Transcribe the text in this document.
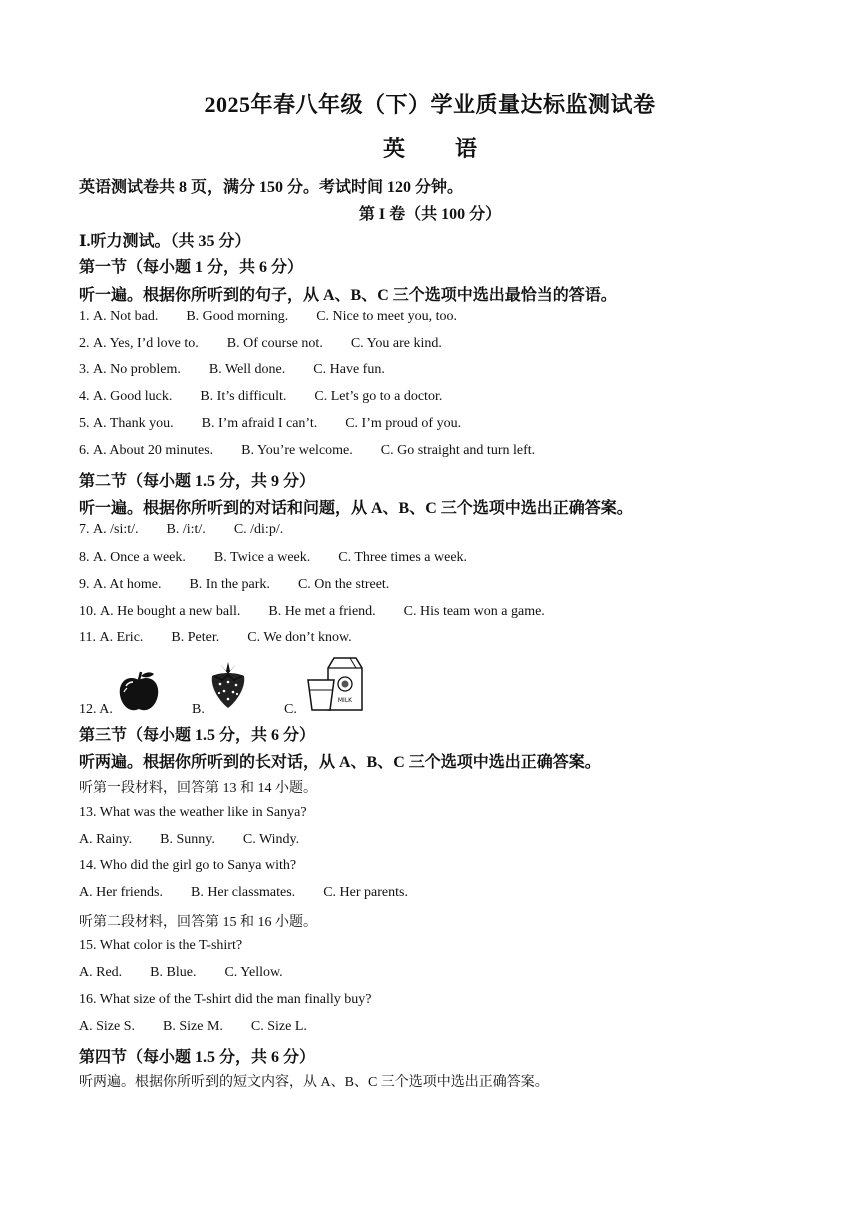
2025年春八年级（下）学业质量达标监测试卷
英　语
英语测试卷共 8 页，满分 150 分。考试时间 120 分钟。
第 I 卷（共 100 分）
Ⅰ.听力测试。（共 35 分）
第一节（每小题 1 分，共 6 分）
听一遍。根据你所听到的句子，从 A、B、C 三个选项中选出最恰当的答语。
1. A. Not bad. B. Good morning. C. Nice to meet you, too.
2. A. Yes, I’d love to. B. Of course not. C. You are kind.
3. A. No problem. B. Well done. C. Have fun.
4. A. Good luck. B. It’s difficult. C. Let’s go to a doctor.
5. A. Thank you. B. I’m afraid I can’t. C. I’m proud of you.
6. A. About 20 minutes. B. You’re welcome. C. Go straight and turn left.
第二节（每小题 1.5 分，共 9 分）
听一遍。根据你所听到的对话和问题，从 A、B、C 三个选项中选出正确答案。
7. A. /si:t/. B. /i:t/. C. /di:p/.
8. A. Once a week. B. Twice a week. C. Three times a week.
9. A. At home. B. In the park. C. On the street.
10. A. He bought a new ball. B. He met a friend. C. His team won a game.
11. A. Eric. B. Peter. C. We don’t know.
12. A.	B.	C.
MILK
第三节（每小题 1.5 分，共 6 分）
听两遍。根据你所听到的长对话，从 A、B、C 三个选项中选出正确答案。
听第一段材料，回答第 13 和 14 小题。
13. What was the weather like in Sanya?
A. Rainy. B. Sunny. C. Windy.
14. Who did the girl go to Sanya with?
A. Her friends. B. Her classmates. C. Her parents.
听第二段材料，回答第 15 和 16 小题。
15. What color is the T-shirt?
A. Red. B. Blue. C. Yellow.
16. What size of the T-shirt did the man finally buy?
A. Size S. B. Size M. C. Size L.
第四节（每小题 1.5 分，共 6 分）
听两遍。根据你所听到的短文内容，从 A、B、C 三个选项中选出正确答案。
